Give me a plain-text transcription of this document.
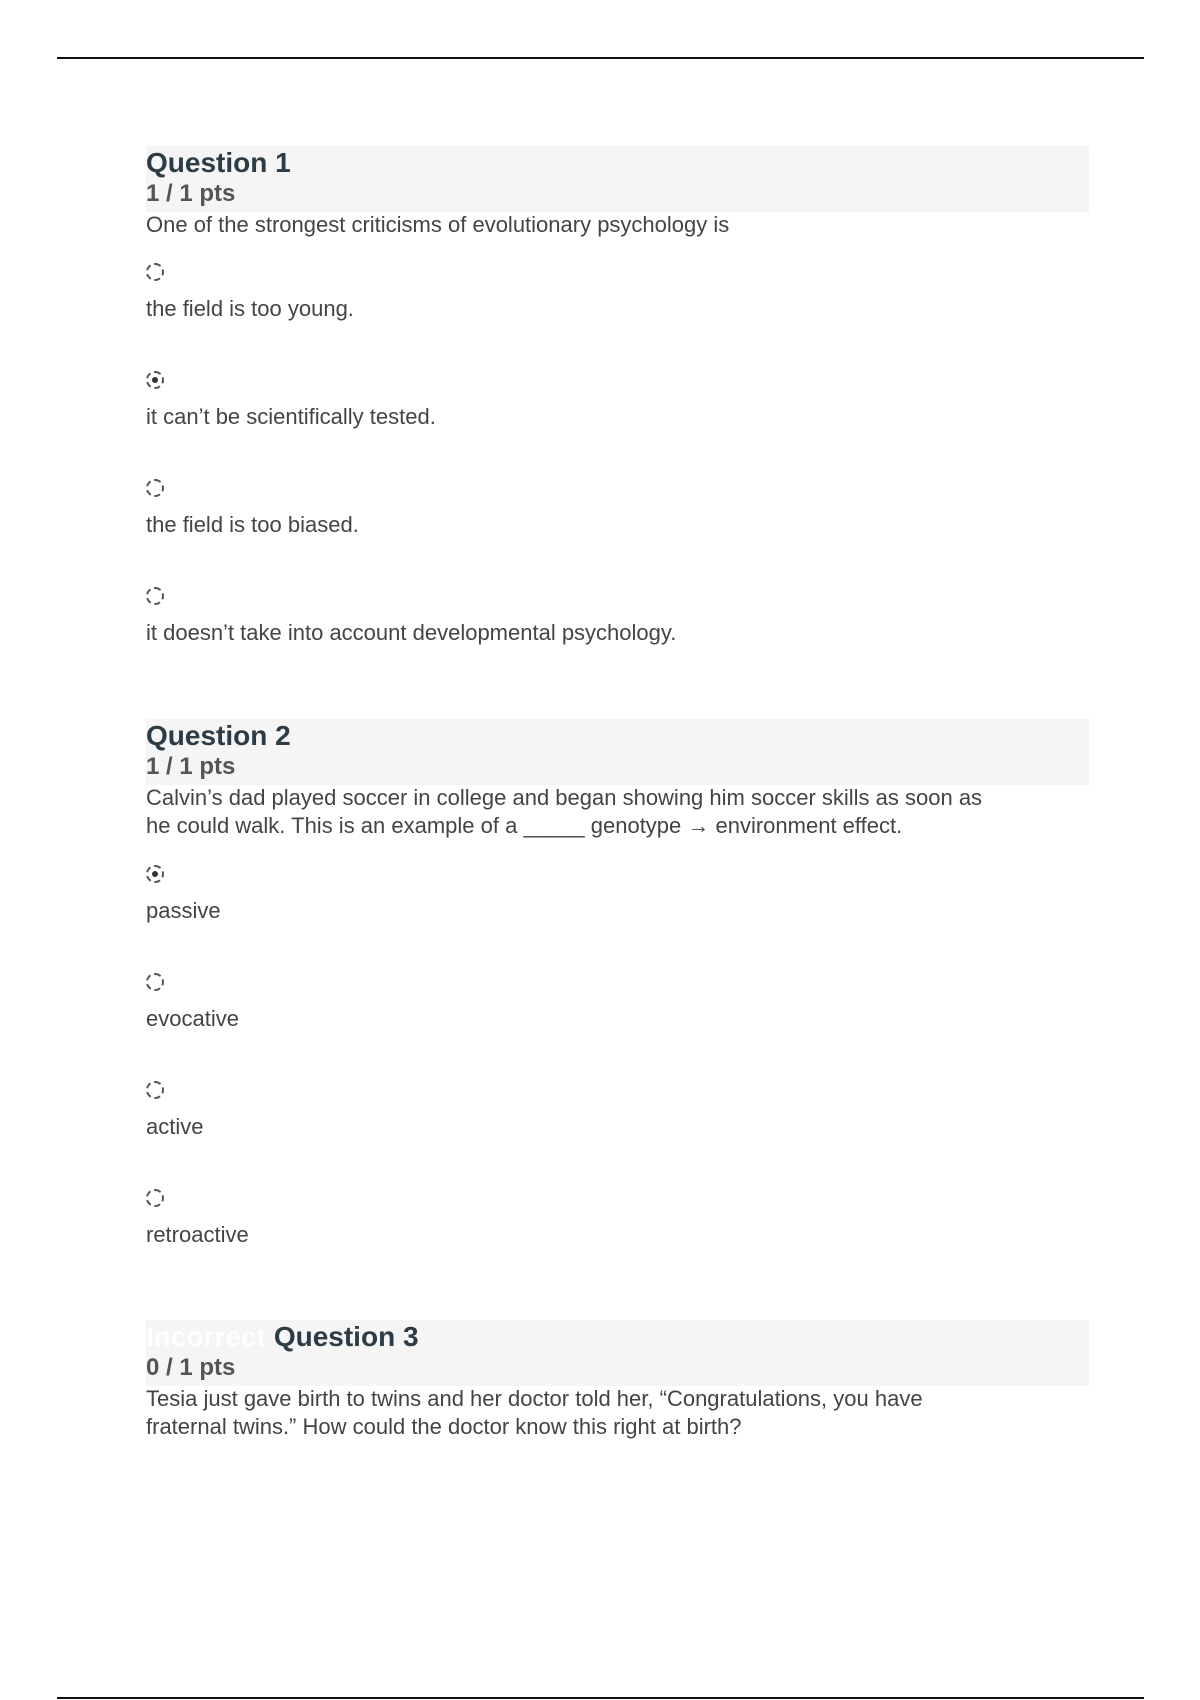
Question 1
1 / 1 pts
One of the strongest criticisms of evolutionary psychology is
the field is too young.
it can’t be scientifically tested.
the field is too biased.
it doesn’t take into account developmental psychology.
Question 2
1 / 1 pts
Calvin’s dad played soccer in college and began showing him soccer skills as soon as
he could walk. This is an example of a _____ genotype → environment effect.
passive
evocative
active
retroactive
Incorrect Question 3
0 / 1 pts
Tesia just gave birth to twins and her doctor told her, “Congratulations, you have
fraternal twins.” How could the doctor know this right at birth?
